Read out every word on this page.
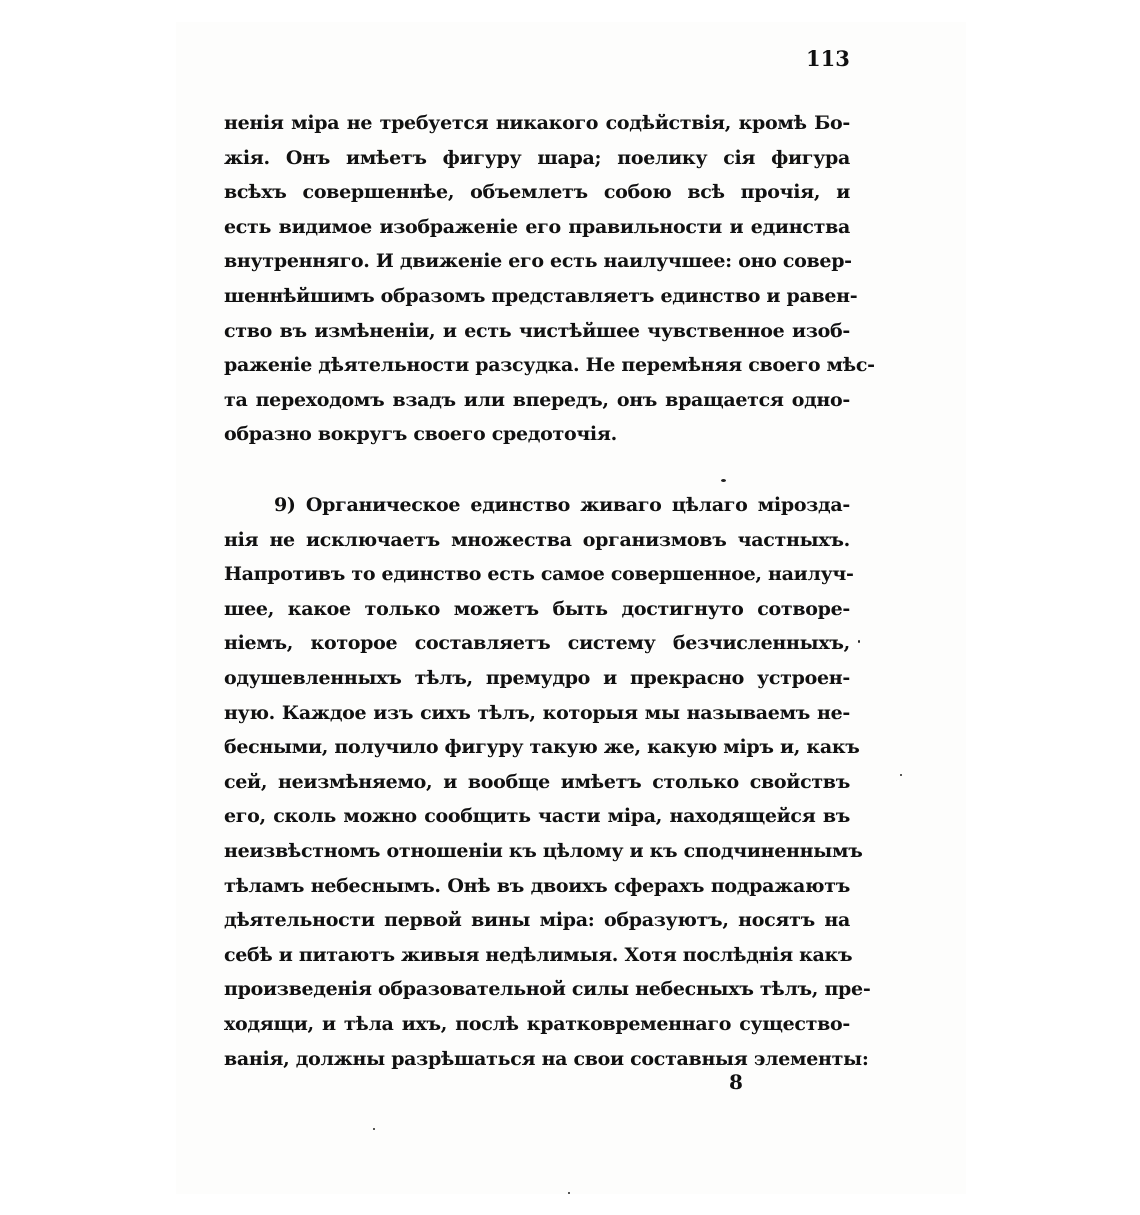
113

ненія міра не требуется никакого содѣйствія, кромѣ Бо-
жія. Онъ имѣетъ фигуру шара; поелику сія фигура
всѣхъ совершеннѣе, объемлетъ собою всѣ прочія, и
есть видимое изображеніе его правильности и единства
внутренняго. И движеніе его есть наилучшее: оно совер-
шеннѣйшимъ образомъ представляетъ единство и равен-
ство въ измѣненіи, и есть чистѣйшее чувственное изоб-
раженіе дѣятельности разсудка. Не перемѣняя своего мѣс-
та переходомъ взадъ или впередъ, онъ вращается одно-
образно вокругъ своего средоточія.

9) Органическое единство живаго цѣлаго міроздa-
нія не исключаетъ множества организмовъ частныхъ.
Напротивъ то единство есть самое совершенное, наилуч-
шее, какое только можетъ быть достигнуто сотворе-
ніемъ, которое составляетъ систему безчисленныхъ,
одушевленныхъ тѣлъ, премудро и прекрасно устроен-
ную. Каждое изъ сихъ тѣлъ, которыя мы называемъ не-
бесными, получило фигуру такую же, какую міръ и, какъ
сей, неизмѣняемо, и вообще имѣетъ столько свойствъ
его, сколь можно сообщить части міра, находящейся въ
неизвѣстномъ отношеніи къ цѣлому и къ сподчиненнымъ
тѣламъ небеснымъ. Онѣ въ двоихъ сферахъ подражаютъ
дѣятельности первой вины міра: образуютъ, носятъ на
себѣ и питаютъ живыя недѣлимыя. Хотя послѣднія какъ
произведенія образовательной силы небесныхъ тѣлъ, пре-
ходящи, и тѣла ихъ, послѣ кратковременнаго существо-
ванія, должны разрѣшаться на свои составныя элементы:

8
